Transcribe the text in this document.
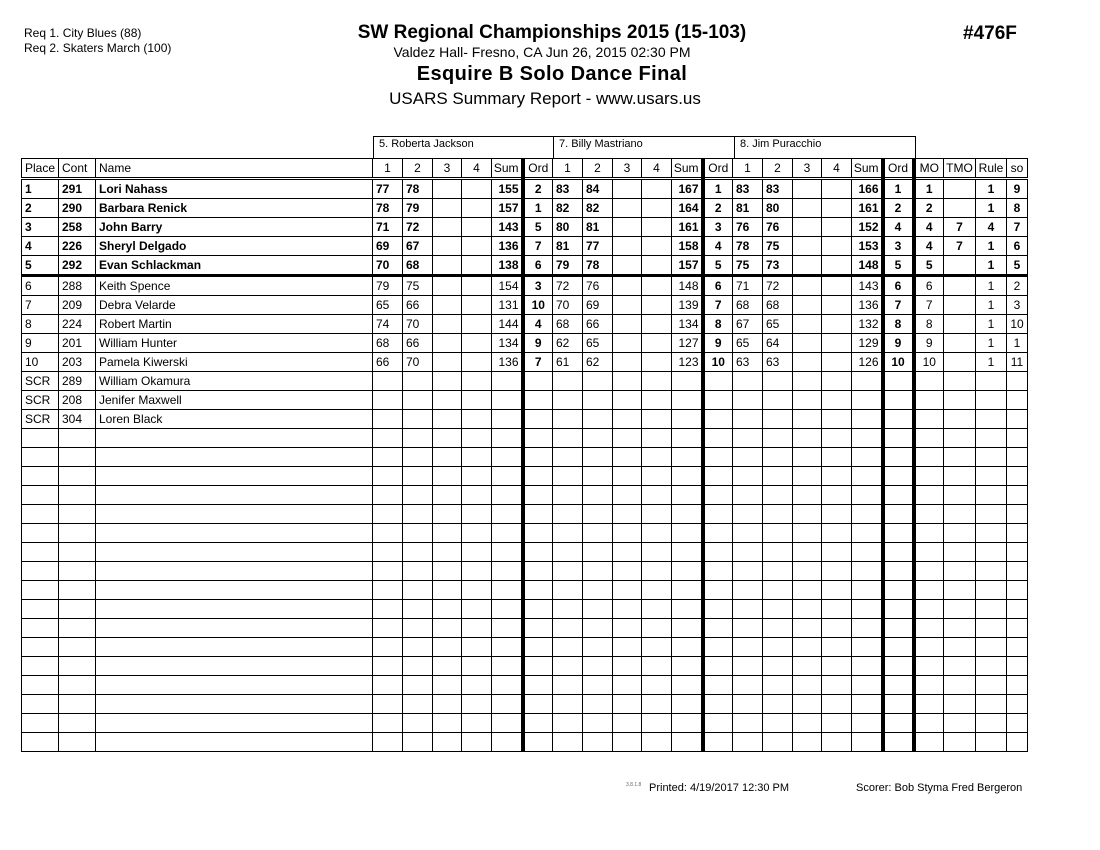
Req 1. City Blues (88)
Req 2. Skaters March (100)
SW Regional Championships 2015 (15-103)
Valdez Hall- Fresno, CA Jun 26, 2015 02:30 PM
Esquire B Solo Dance Final
USARS Summary Report - www.usars.us
#476F
5. Roberta Jackson	7. Billy Mastriano	8. Jim Puracchio
Place	Cont	Name	1	2	3	4	Sum	Ord	1	2	3	4	Sum	Ord	1	2	3	4	Sum	Ord	MO	TMO	Rule	so
1	291	Lori Nahass	77	78			155	2	83	84			167	1	83	83			166	1	1		1	9
2	290	Barbara Renick	78	79			157	1	82	82			164	2	81	80			161	2	2		1	8
3	258	John Barry	71	72			143	5	80	81			161	3	76	76			152	4	4	7	4	7
4	226	Sheryl Delgado	69	67			136	7	81	77			158	4	78	75			153	3	4	7	1	6
5	292	Evan Schlackman	70	68			138	6	79	78			157	5	75	73			148	5	5		1	5
6	288	Keith Spence	79	75			154	3	72	76			148	6	71	72			143	6	6		1	2
7	209	Debra Velarde	65	66			131	10	70	69			139	7	68	68			136	7	7		1	3
8	224	Robert Martin	74	70			144	4	68	66			134	8	67	65			132	8	8		1	10
9	201	William Hunter	68	66			134	9	62	65			127	9	65	64			129	9	9		1	1
10	203	Pamela Kiwerski	66	70			136	7	61	62			123	10	63	63			126	10	10		1	11
SCR	289	William Okamura																						
SCR	208	Jenifer Maxwell																						
SCR	304	Loren Black																						

3.8.1.8 Printed: 4/19/2017 12:30 PM	Scorer: Bob Styma Fred Bergeron
